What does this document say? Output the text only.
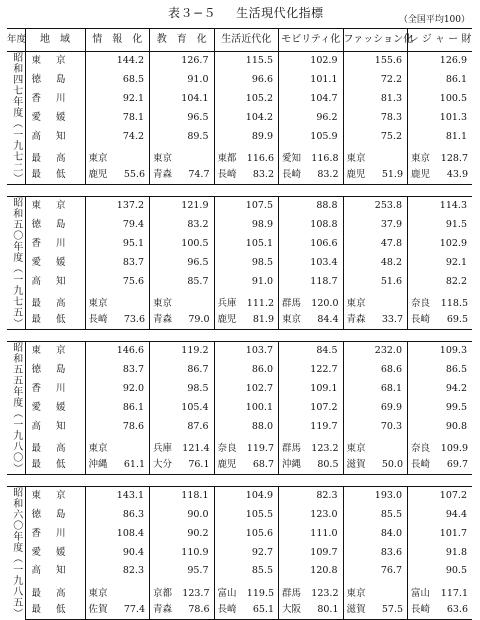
表３−５ 生活現代化指標	（全国平均100）
年度	地　域	情　報　化	教　育　化	生活近代化	モビリティ化	ファッション化	レ ジ ャ ー 財
昭和四七年度（一九七二）	東京	144.2	126.7	115.5	102.9	155.6	126.9
	徳島	68.5	91.0	96.6	101.1	72.2	86.1
	香川	92.1	104.1	105.2	104.7	81.3	100.5
	愛媛	78.1	96.5	104.2	96.2	78.3	101.3
	高知	74.2	89.5	89.9	105.9	75.2	81.1
	最高	東京	東京	東都 116.6	愛知 116.8	東京	東京 128.7

	最低	鹿児 55.6	青森 74.7	長崎 83.2	長崎 83.2	鹿児 51.9	鹿児 43.9

昭和五〇年度（一九七五）	東京	137.2	121.9	107.5	88.8	253.8	114.3
	徳島	79.4	83.2	98.9	108.8	37.9	91.5
	香川	95.1	100.5	105.1	106.6	47.8	102.9
	愛媛	83.7	96.5	98.5	103.4	48.2	92.1
	高知	75.6	85.7	91.0	118.7	51.6	82.2
	最高	東京	東京	兵庫 111.2	群馬 120.0	東京	奈良 118.5

	最低	長崎 73.6	青森 79.0	鹿児 81.9	東京 84.4	青森 33.7	長崎 69.5

昭和五五年度（一九八〇）	東京	146.6	119.2	103.7	84.5	232.0	109.3
	徳島	83.7	86.7	86.0	122.7	68.6	86.5
	香川	92.0	98.5	102.7	109.1	68.1	94.2
	愛媛	86.1	105.4	100.1	107.2	69.9	99.5
	高知	78.6	87.6	88.0	119.7	70.3	90.8
	最高	東京	兵庫 121.4	奈良 119.7	群馬 123.2	東京	奈良 109.9

	最低	沖縄 61.1	大分 76.1	鹿児 68.7	沖縄 80.5	滋賀 50.0	長崎 69.7

昭和六〇年度（一九八五）	東京	143.1	118.1	104.9	82.3	193.0	107.2
	徳島	86.3	90.0	105.5	123.0	85.5	94.4
	香川	108.4	90.2	105.6	111.0	84.0	101.7
	愛媛	90.4	110.9	92.7	109.7	83.6	91.8
	高知	82.3	95.7	85.5	120.8	76.7	90.5
	最高	東京	京都 123.7	富山 119.5	群馬 123.2	東京	富山 117.1

	最低	佐賀 77.4	青森 78.6	長崎 65.1	大阪 80.1	滋賀 57.5	長崎 63.6
